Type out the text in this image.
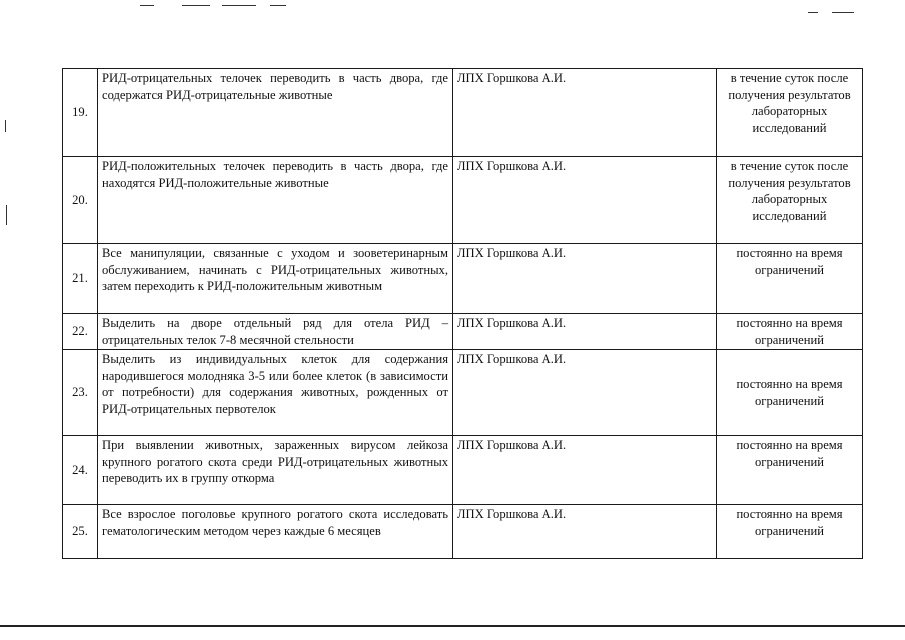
19.	РИД-отрицательных телочек переводить в часть двора, где содержатся РИД-отрицательные животные	ЛПХ Горшкова А.И.	в течение суток после получения результатов лабораторных исследований
20.	РИД-положительных телочек переводить в часть двора, где находятся РИД-положительные животные	ЛПХ Горшкова А.И.	в течение суток после получения результатов лабораторных исследований
21.	Все манипуляции, связанные с уходом и зооветеринарным обслуживанием, начинать с РИД-отрицательных животных, затем переходить к РИД-положительным животным	ЛПХ Горшкова А.И.	постоянно на время ограничений
22.	Выделить на дворе отдельный ряд для отела РИД – отрицательных телок 7-8 месячной стельности	ЛПХ Горшкова А.И.	постоянно на время ограничений
23.	Выделить из индивидуальных клеток для содержания народившегося молодняка 3-5 или более клеток (в зависимости от потребности) для содержания животных, рожденных от РИД-отрицательных первотелок	ЛПХ Горшкова А.И.	постоянно на время ограничений
24.	При выявлении животных, зараженных вирусом лейкоза крупного рогатого скота среди РИД-отрицательных животных переводить их в группу откорма	ЛПХ Горшкова А.И.	постоянно на время ограничений
25.	Все взрослое поголовье крупного рогатого скота исследовать гематологическим методом через каждые 6 месяцев	ЛПХ Горшкова А.И.	постоянно на время ограничений
